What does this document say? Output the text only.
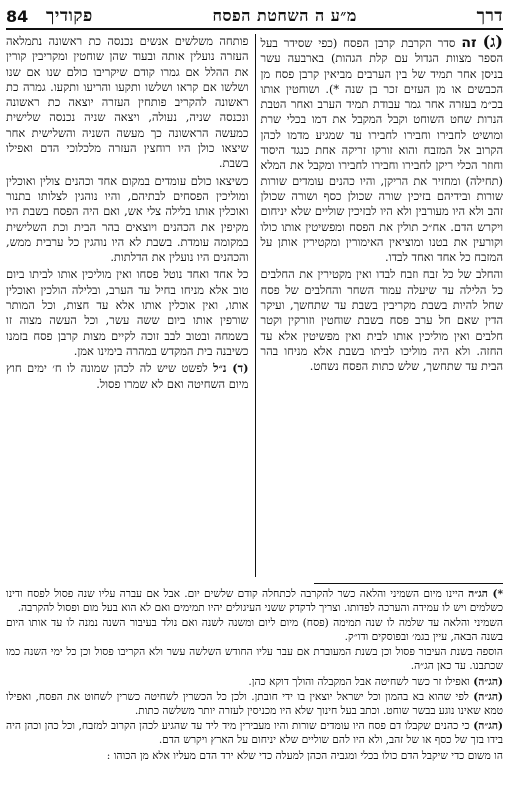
84	דרך
מ״ע ה השחטת הפסח
פקודיך

(ג) זה סדר הקרבת קרבן הפסח (כפי שסידר בעל הספר מצוות הגדול עם קלת הגהות) בארבעה עשר בניסן אחר תמיד של בין הערבים מביאין קרבן פסח מן הכבשים או מן העזים זכר בן שנה *). ושוחטין אותו בכ״מ בעזרה אחר גמר עבודת תמיד הערב ואחר הטבת הנרות שחט השוחט וקבל המקבל את דמו בכלי שרת ומושיט לחבירו וחבירו לחבירו עד שמגיע מדמו לכהן הקרוב אל המזבח והוא זורקו זריקה אחת כנגד היסוד וחוזר הכלי ריקן לחבירו וחבירו לחבירו ומקבל את המלא (תחילה) ומחזיר את הריקן, והיו כהנים עומדים שורות שורות ובידיהם בזיכין שורה שכולן כסף ושורה שכולן זהב ולא היו מעורבין ולא היו לבזיכין שוליים שלא יניחום ויקרש הדם. אח״כ תולין את הפסח ומפשיטין אותו כולו וקורעין את בטנו ומוציאין האימורין ומקטירין אותן על המזבח כל אחד ואחד לבדו.

והחלב של כל זבח וזבח לבדו ואין מקטירין את החלבים כל הלילה עד שיעלה עמוד השחר והחלבים של פסח שחל להיות בשבת מקריבין בשבת עד שתחשך, ועיקר הדין שאם חל ערב פסח בשבת שוחטין וזורקין וקטר חלבים ואין מוליכין אותו לבית ואין מפשיטין אלא עד החזה. ולא היה מוליכו לביתו בשבת אלא מניחו בהר הבית עד שתחשך, שלש כתות הפסח נשחט.

פותחה משלשים אנשים נכנסה כת ראשונה נתמלאה העזרה נועלין אותה ובעוד שהן שוחטין ומקריבין קורין את ההלל אם גמרו קודם שיקריבו כולם שנו אם שנו ושלשו אם קראו ושלשו ותקעו והריעו ותקעו. גמרה כת ראשונה להקריב פותחין העזרה יוצאה כת ראשונה ונכנסה שניה, נעולה, ויצאה שניה נכנסה שלישית כמעשה הראשונה כך מעשה השניה והשלישית אחר שיצאו כולן היו רוחצין העזרה מלכלוכי הדם ואפילו בשבת.

כשיצאו כולם עומדים במקום אחד וכהנים צולין ואוכלין ומוליכין הפסחים לבתיהם, והיו נוהגין לצלותו בתנור ואוכלין אותו בלילה צלי אש, ואם היה הפסח בשבת היו מקיפין את הכהנים ויוצאים בהר הבית וכת השלישית במקומה עומדת. בשבת לא היו נוהגין כל ערבית ממש, והכהנים היו נועלין את הדלתות.

כל אחד ואחד נוטל פסחו ואין מוליכין אותו לביתו ביום טוב אלא מניחו בחיל עד הערב, ובלילה הולכין ואוכלין אותו, ואין אוכלין אותו אלא עד חצות, וכל המותר שורפין אותו ביום ששה עשר, וכל העשה מצוה זו בשמחה ובטוב לבב זוכה לקיים מצות קרבן פסח בזמנו כשיבנה בית המקדש במהרה בימינו אמן.

(ד) נ״ל לפשט שיש לה לכהן שמונה לו ח׳ ימים חוץ מיום השחיטה ואם לא שמרו פסול.

*) הג״ה היינו מיום השמיני והלאה כשר להקרבה לכתחלה קודם שלשים יום. אבל אם עברה עליו שנה פסול לפסח ודינו כשלמים ויש לו עמידה והערכה לפדותו. וצריך לדקדק ששני העיגולים יהיו תמימים ואם לא הוא בעל מום ופסול להקרבה.

השמיני והלאה עד שלמה לו שנה תמימה (פסח) מיום ליום ומשנה לשנה ואם נולד בעיבור השנה נמנה לו עד אותו היום בשנה הבאה, עיין בגמ׳ ובפוסקים ודו״ק.

הוספה בשנת העיבור פסול וכן בשנת המעוברת אם עבר עליו החודש השלשה עשר ולא הקריבו פסול וכן כל ימי השנה כמו שכתבנו. עד כאן הג״ה.

(הג״ה) ואפילו זר כשר לשחיטה אבל המקבלה והולך דוקא כהן.

(הג״ה) לפי שהוא בא בהמון וכל ישראל יוצאין בו ידי חובתן. ולכן כל הכשרין לשחיטה כשרין לשחוט את הפסח, ואפילו טמא שאינו נוגע בבשר שוחט. וכתב בעל חינוך שלא היו מכניסין לעזרה יותר משלשה כתות.

(הג״ה) כי כהנים שקבלו דם פסח היו עומדים שורות והיו מעבירין מיד ליד עד שהגיע לכהן הקרוב למזבח, וכל כהן וכהן היה בידו בזך של כסף או של זהב, ולא היו להם שוליים שלא יניחום על הארץ ויקרש הדם.

הו משום כדי שיקבל הדם כולו בכלי ומגביה הכהן למעלה כדי שלא ירד הדם מעליו אלא מן הכוהו :
